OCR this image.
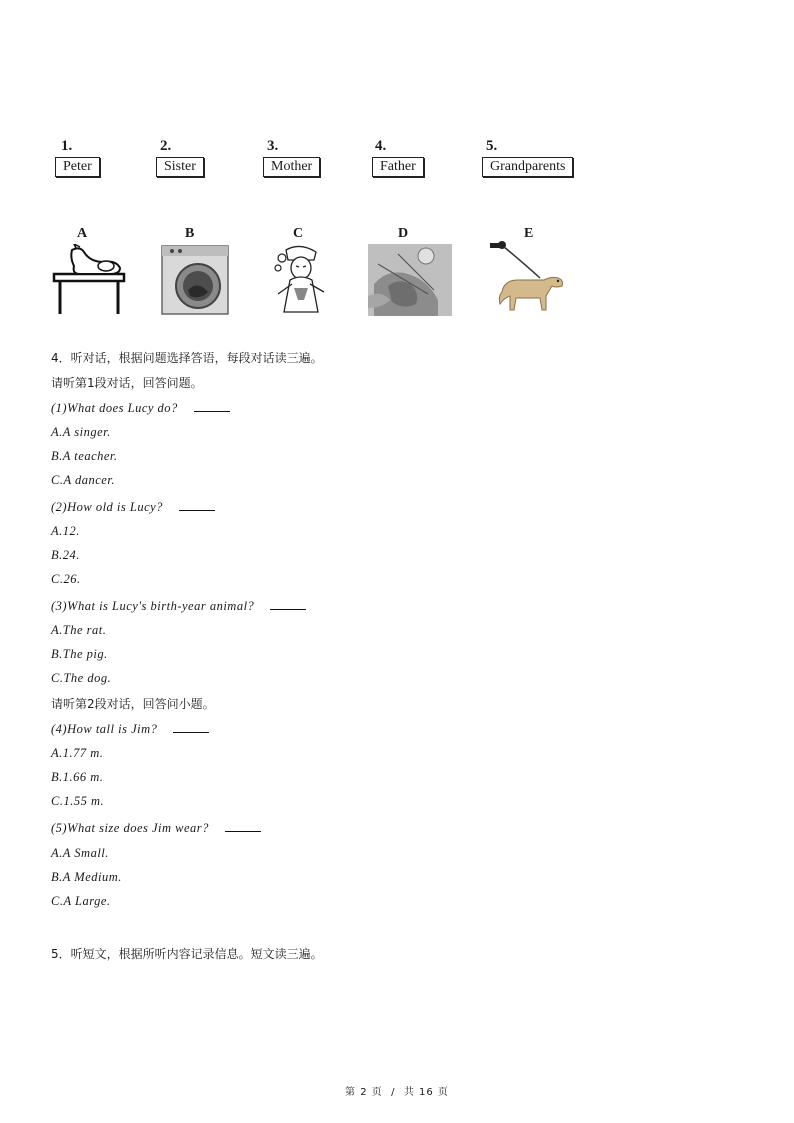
1.
Peter
2.
Sister
3.
Mother
4.
Father
5.
Grandparents
A	B	C	D	E
4．听对话，根据问题选择答语，每段对话读三遍。
请听第1段对话，回答问题。
(1)What does Lucy do?
A.A singer.
B.A teacher.
C.A dancer.
(2)How old is Lucy?
A.12.
B.24.
C.26.
(3)What is Lucy's birth-year animal?
A.The rat.
B.The pig.
C.The dog.
请听第2段对话，回答问小题。
(4)How tall is Jim?
A.1.77 m.
B.1.66 m.
C.1.55 m.
(5)What size does Jim wear?
A.A Small.
B.A Medium.
C.A Large.
5．听短文，根据所听内容记录信息。短文读三遍。
第 2 页  /  共 16 页
